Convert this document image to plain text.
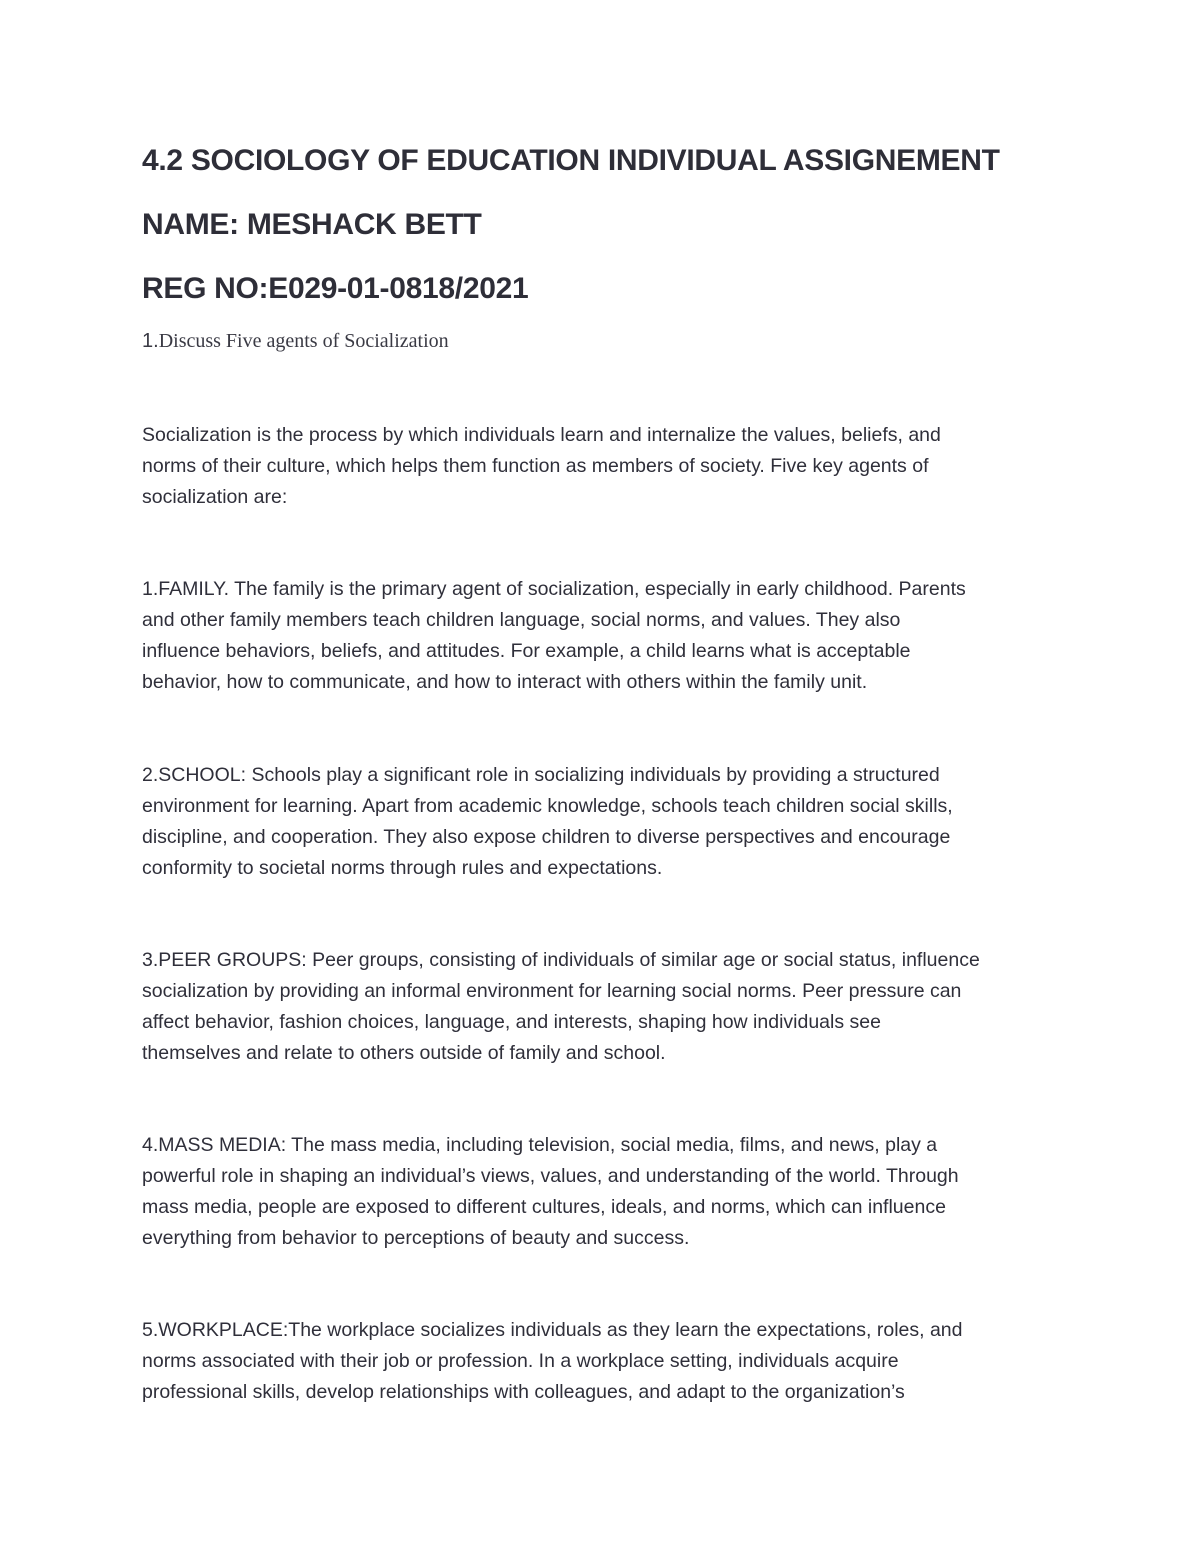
4.2 SOCIOLOGY OF EDUCATION INDIVIDUAL ASSIGNEMENT
NAME: MESHACK BETT
REG NO:E029-01-0818/2021
1.Discuss Five agents of Socialization

Socialization is the process by which individuals learn and internalize the values, beliefs, and
norms of their culture, which helps them function as members of society. Five key agents of
socialization are:

1.FAMILY. The family is the primary agent of socialization, especially in early childhood. Parents
and other family members teach children language, social norms, and values. They also
influence behaviors, beliefs, and attitudes. For example, a child learns what is acceptable
behavior, how to communicate, and how to interact with others within the family unit.

2.SCHOOL: Schools play a significant role in socializing individuals by providing a structured
environment for learning. Apart from academic knowledge, schools teach children social skills,
discipline, and cooperation. They also expose children to diverse perspectives and encourage
conformity to societal norms through rules and expectations.

3.PEER GROUPS: Peer groups, consisting of individuals of similar age or social status, influence
socialization by providing an informal environment for learning social norms. Peer pressure can
affect behavior, fashion choices, language, and interests, shaping how individuals see
themselves and relate to others outside of family and school.

4.MASS MEDIA: The mass media, including television, social media, films, and news, play a
powerful role in shaping an individual’s views, values, and understanding of the world. Through
mass media, people are exposed to different cultures, ideals, and norms, which can influence
everything from behavior to perceptions of beauty and success.

5.WORKPLACE:The workplace socializes individuals as they learn the expectations, roles, and
norms associated with their job or profession. In a workplace setting, individuals acquire
professional skills, develop relationships with colleagues, and adapt to the organization’s
